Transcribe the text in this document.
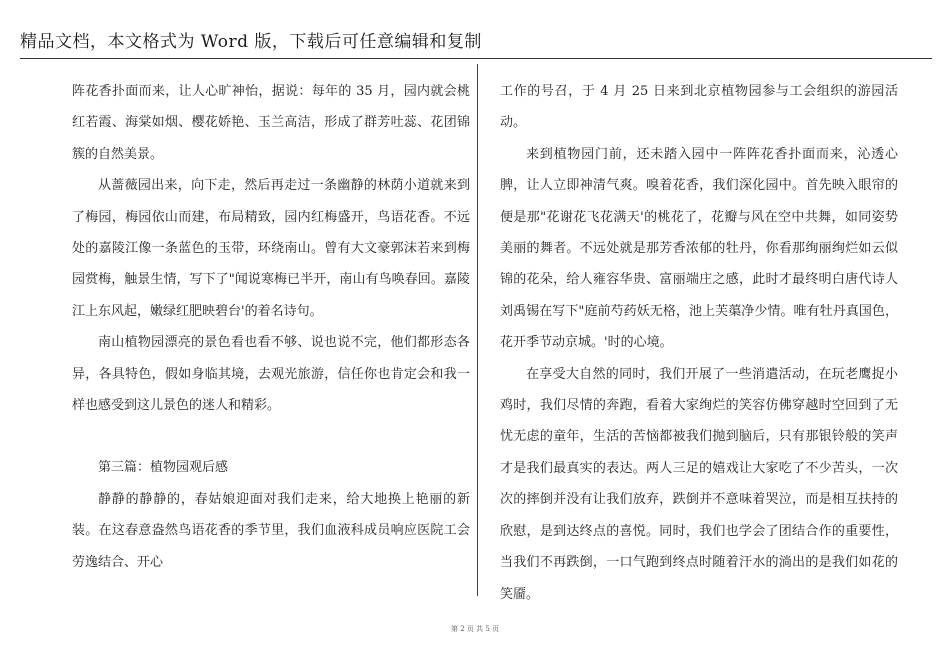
精品文档，本文格式为 Word 版，下载后可任意编辑和复制

阵花香扑面而来，让人心旷神怡，据说：每年的 35 月，园内就会桃红若霞、海棠如烟、樱花娇艳、玉兰高洁，形成了群芳吐蕊、花团锦簇的自然美景。

从蔷薇园出来，向下走，然后再走过一条幽静的林荫小道就来到了梅园，梅园依山而建，布局精致，园内红梅盛开，鸟语花香。不远处的嘉陵江像一条蓝色的玉带，环绕南山。曾有大文豪郭沫若来到梅园赏梅，触景生情，写下了"闻说寒梅已半开，南山有鸟唤春回。嘉陵江上东风起，嫩绿红肥映碧台'的着名诗句。

南山植物园漂亮的景色看也看不够、说也说不完，他们都形态各异，各具特色，假如身临其境，去观光旅游，信任你也肯定会和我一样也感受到这儿景色的迷人和精彩。

第三篇：植物园观后感

静静的静静的，春姑娘迎面对我们走来，给大地换上艳丽的新装。在这春意盎然鸟语花香的季节里，我们血液科成员响应医院工会劳逸结合、开心

工作的号召，于 4 月 25 日来到北京植物园参与工会组织的游园活动。

来到植物园门前，还未踏入园中一阵阵花香扑面而来，沁透心脾，让人立即神清气爽。嗅着花香，我们深化园中。首先映入眼帘的便是那"花谢花飞花满天'的桃花了，花瓣与风在空中共舞，如同姿势美丽的舞者。不远处就是那芳香浓郁的牡丹，你看那绚丽绚烂如云似锦的花朵，给人雍容华贵、富丽端庄之感，此时才最终明白唐代诗人刘禹锡在写下"庭前芍药妖无格，池上芙蕖净少情。唯有牡丹真国色，花开季节动京城。'时的心境。

在享受大自然的同时，我们开展了一些消遣活动，在玩老鹰捉小鸡时，我们尽情的奔跑，看着大家绚烂的笑容仿佛穿越时空回到了无忧无虑的童年，生活的苦恼都被我们抛到脑后，只有那银铃般的笑声才是我们最真实的表达。两人三足的嬉戏让大家吃了不少苦头，一次次的摔倒并没有让我们放弃，跌倒并不意味着哭泣，而是相互扶持的欣慰，是到达终点的喜悦。同时，我们也学会了团结合作的重要性，当我们不再跌倒，一口气跑到终点时随着汗水的淌出的是我们如花的笑靥。

第 2 页 共 5 页
